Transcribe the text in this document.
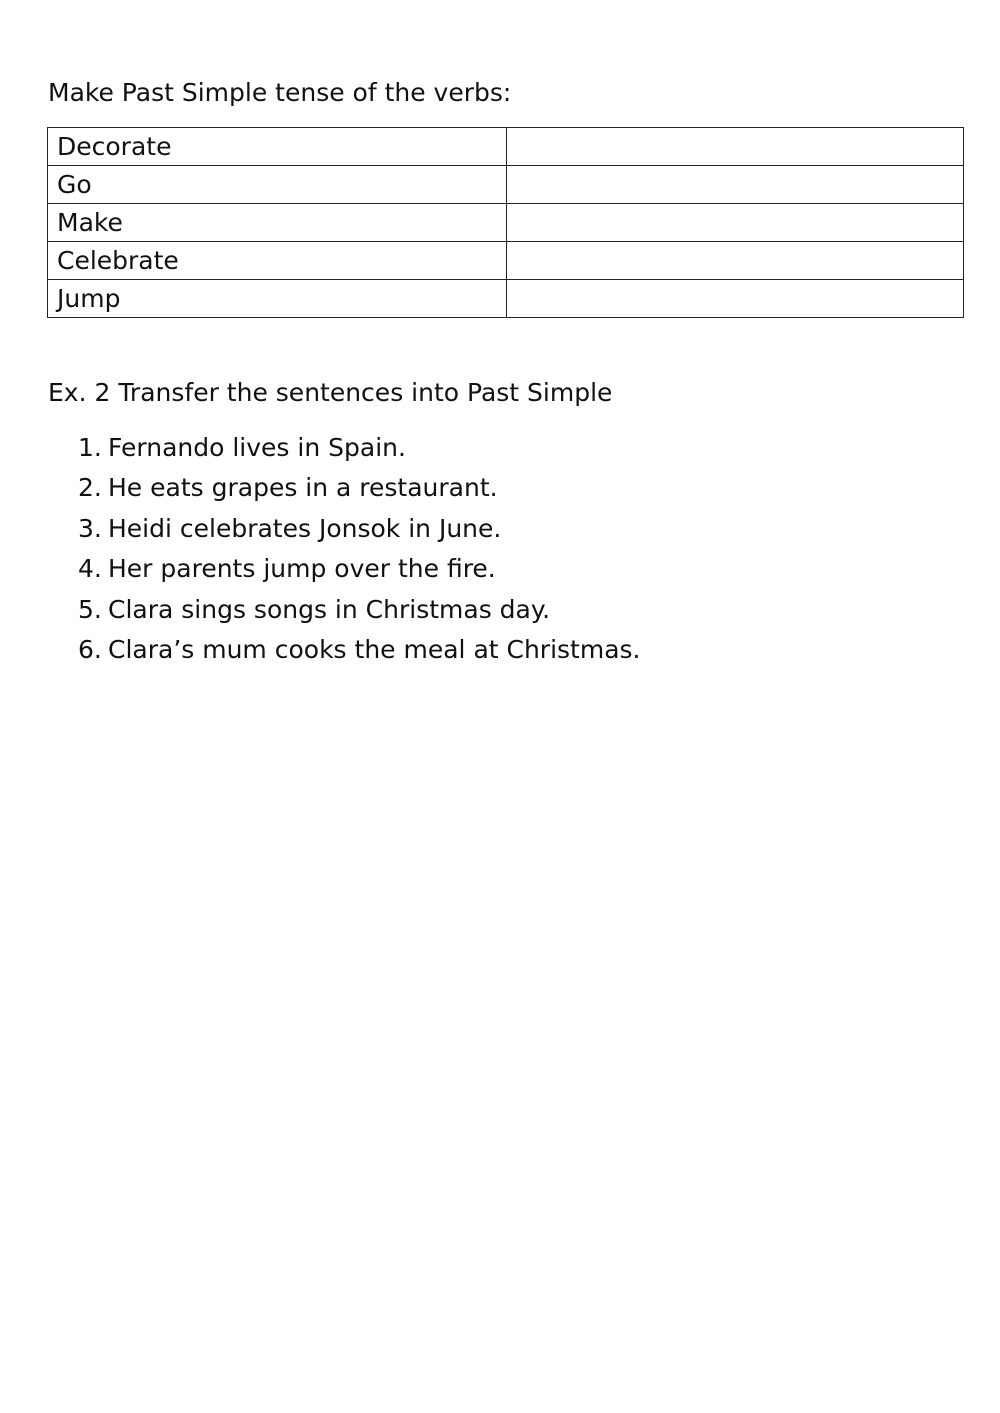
Make Past Simple tense of the verbs:
Decorate	
Go	
Make	
Celebrate	
Jump	
Ex. 2 Transfer the sentences into Past Simple
1. Fernando lives in Spain.
2. He eats grapes in a restaurant.
3. Heidi celebrates Jonsok in June.
4. Her parents jump over the fire.
5. Clara sings songs in Christmas day.
6. Clara’s mum cooks the meal at Christmas.
